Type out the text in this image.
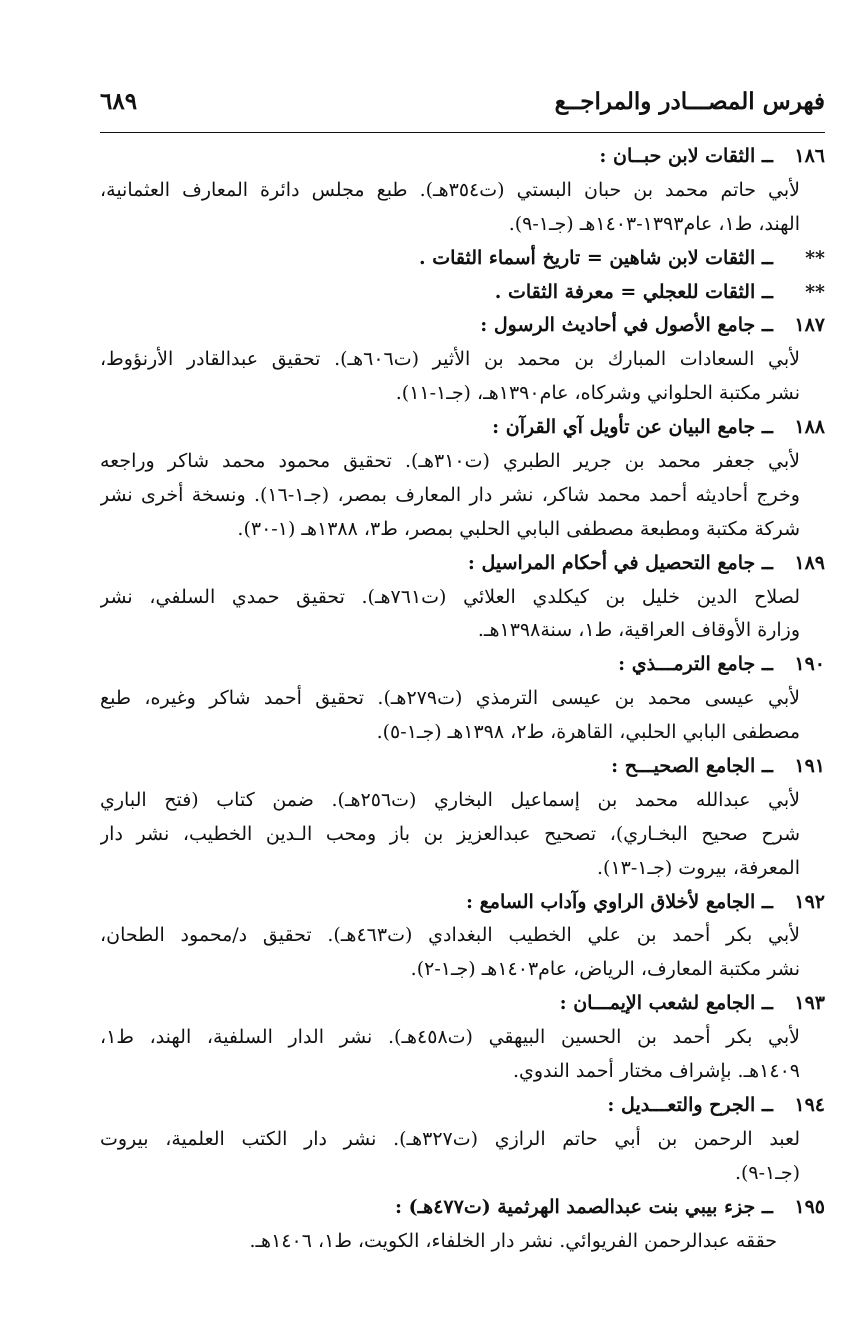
فهرس المصـــادر والمراجــع
٦٨٩
١٨٦ــ الثقات لابن حبــان :
لأبي حاتم محمد بن حبان البستي (ت٣٥٤هـ). طبع مجلس دائرة المعارف العثمانية،
الهند، ط١، عام١٣٩٣-١٤٠٣هـ (جـ١-٩).
**ــ الثقات لابن شاهين = تاريخ أسماء الثقات .
**ــ الثقات للعجلي = معرفة الثقات .
١٨٧ــ جامع الأصول في أحاديث الرسول :
لأبي السعادات المبارك بن محمد بن الأثير (ت٦٠٦هـ). تحقيق عبدالقادر الأرنؤوط،
نشر مكتبة الحلواني وشركاه، عام١٣٩٠هـ، (جـ١-١١).
١٨٨ــ جامع البيان عن تأويل آي القرآن :
لأبي جعفر محمد بن جرير الطبري (ت٣١٠هـ). تحقيق محمود محمد شاكر وراجعه
وخرج أحاديثه أحمد محمد شاكر، نشر دار المعارف بمصر، (جـ١-١٦). ونسخة أخرى نشر
شركة مكتبة ومطبعة مصطفى البابي الحلبي بمصر، ط٣، ١٣٨٨هـ (١-٣٠).
١٨٩ــ جامع التحصيل في أحكام المراسيل :
لصلاح الدين خليل بن كيكلدي العلائي (ت٧٦١هـ). تحقيق حمدي السلفي، نشر
وزارة الأوقاف العراقية، ط١، سنة١٣٩٨هـ.
١٩٠ــ جامع الترمـــذي :
لأبي عيسى محمد بن عيسى الترمذي (ت٢٧٩هـ). تحقيق أحمد شاكر وغيره، طبع
مصطفى البابي الحلبي، القاهرة، ط٢، ١٣٩٨هـ (جـ١-٥).
١٩١ــ الجامع الصحيـــح :
لأبي عبدالله محمد بن إسماعيل البخاري (ت٢٥٦هـ). ضمن كتاب (فتح الباري
شرح صحيح البخـاري)، تصحيح عبدالعزيز بن باز ومحب الـدين الخطيب، نشر دار
المعرفة، بيروت (جـ١-١٣).
١٩٢ــ الجامع لأخلاق الراوي وآداب السامع :
لأبي بكر أحمد بن علي الخطيب البغدادي (ت٤٦٣هـ). تحقيق د/محمود الطحان،
نشر مكتبة المعارف، الرياض، عام١٤٠٣هـ (جـ١-٢).
١٩٣ــ الجامع لشعب الإيمـــان :
لأبي بكر أحمد بن الحسين البيهقي (ت٤٥٨هـ). نشر الدار السلفية، الهند، ط١،
١٤٠٩هـ. بإشراف مختار أحمد الندوي.
١٩٤ــ الجرح والتعـــديل :
لعبد الرحمن بن أبي حاتم الرازي (ت٣٢٧هـ). نشر دار الكتب العلمية، بيروت
(جـ١-٩).
١٩٥ــ جزء بيبي بنت عبدالصمد الهرثمية (ت٤٧٧هـ) :
حققه عبدالرحمن الفريوائي. نشر دار الخلفاء، الكويت، ط١، ١٤٠٦هـ.
